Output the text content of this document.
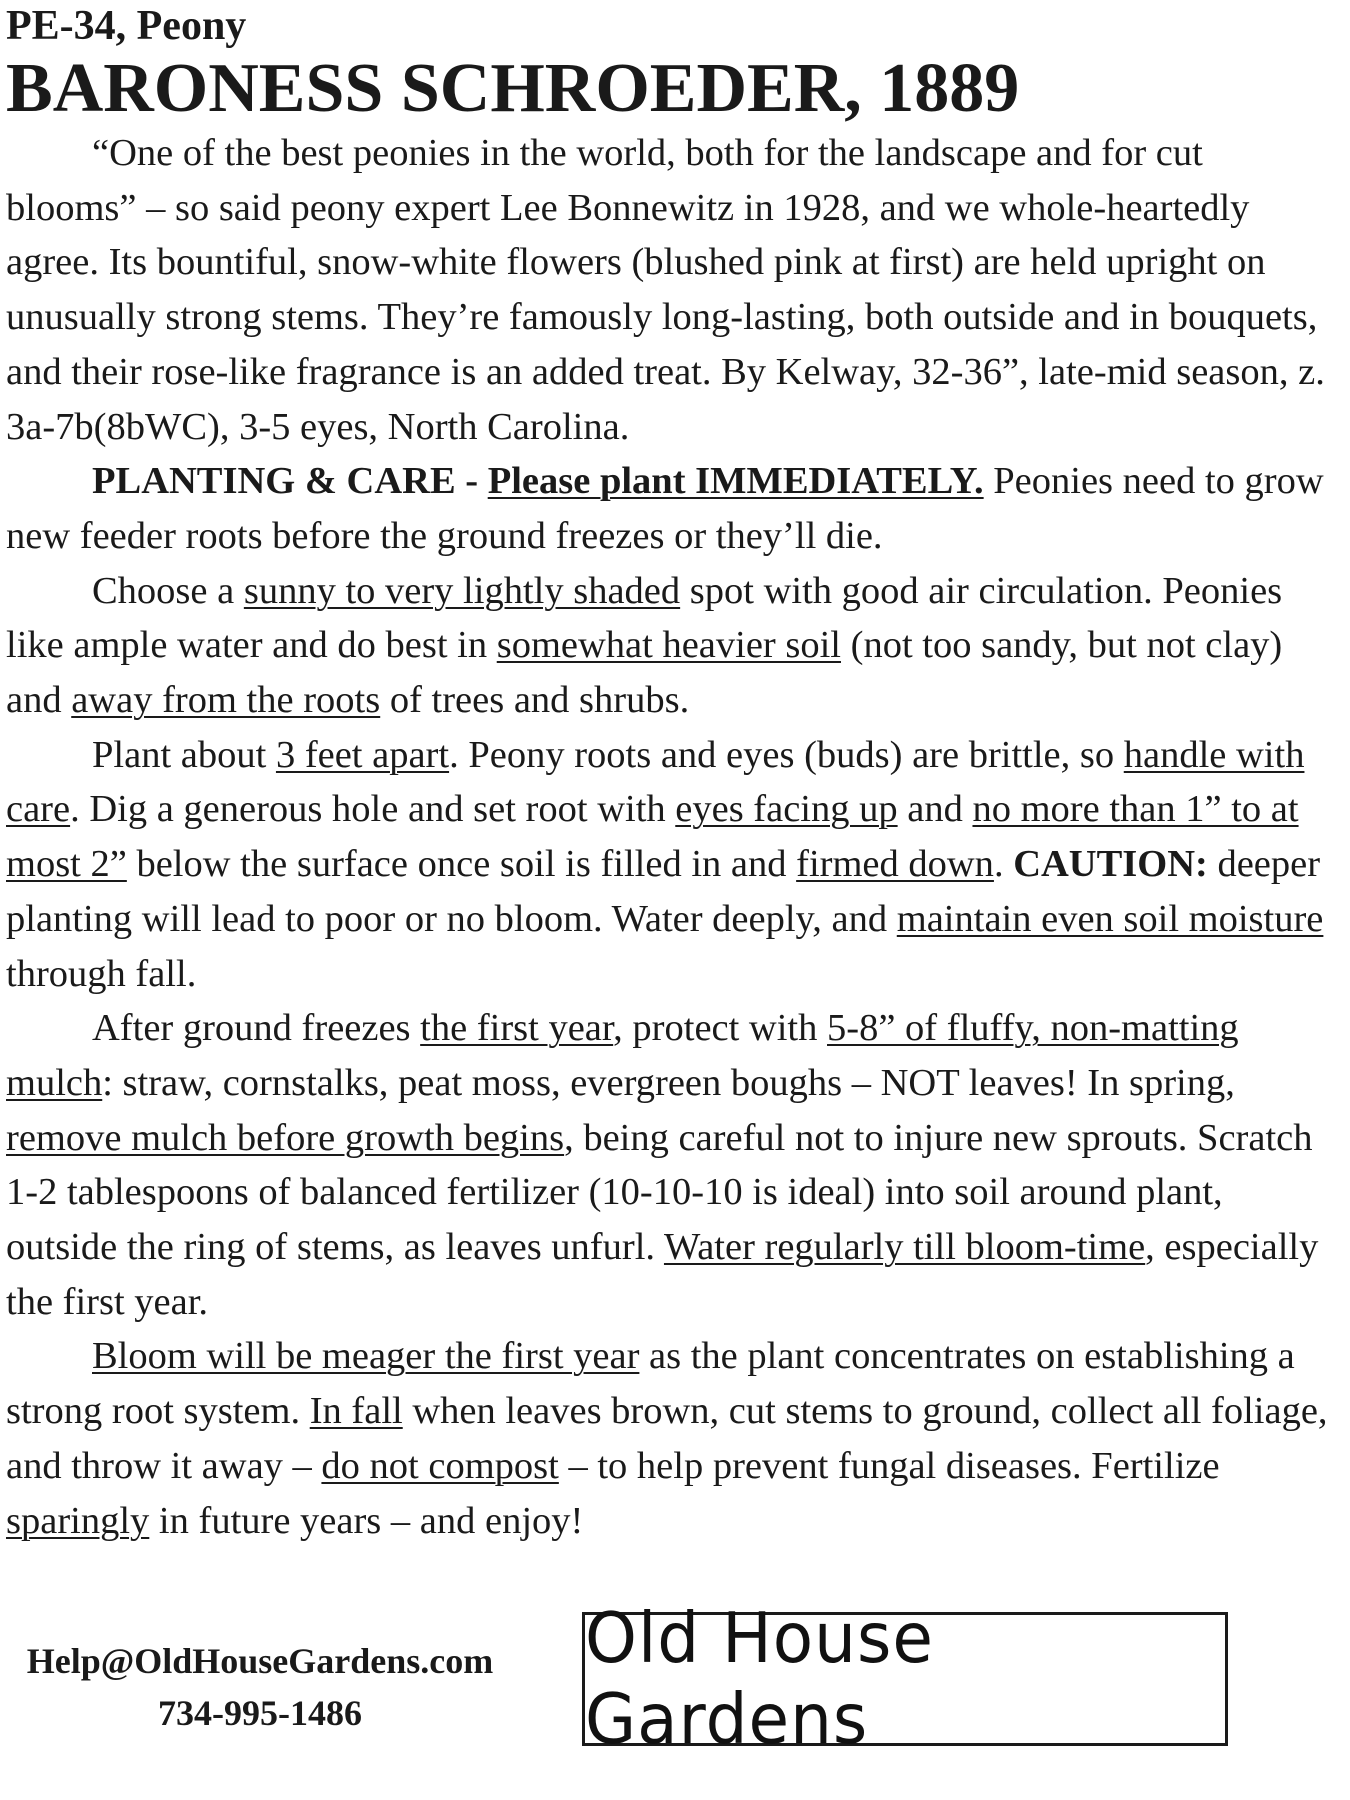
PE-34, Peony
BARONESS SCHROEDER, 1889

“One of the best peonies in the world, both for the landscape and for cut blooms” – so said peony expert Lee Bonnewitz in 1928, and we whole-heartedly agree. Its bountiful, snow-white flowers (blushed pink at first) are held upright on unusually strong stems. They’re famously long-lasting, both outside and in bouquets, and their rose-like fragrance is an added treat. By Kelway, 32-36”, late-mid season, z. 3a-7b(8bWC), 3-5 eyes, North Carolina.

PLANTING & CARE - Please plant IMMEDIATELY. Peonies need to grow new feeder roots before the ground freezes or they’ll die.

Choose a sunny to very lightly shaded spot with good air circulation. Peonies like ample water and do best in somewhat heavier soil (not too sandy, but not clay) and away from the roots of trees and shrubs.

Plant about 3 feet apart. Peony roots and eyes (buds) are brittle, so handle with care. Dig a generous hole and set root with eyes facing up and no more than 1” to at most 2” below the surface once soil is filled in and firmed down. CAUTION: deeper planting will lead to poor or no bloom. Water deeply, and maintain even soil moisture through fall.

After ground freezes the first year, protect with 5-8” of fluffy, non-matting mulch: straw, cornstalks, peat moss, evergreen boughs – NOT leaves! In spring, remove mulch before growth begins, being careful not to injure new sprouts. Scratch 1-2 tablespoons of balanced fertilizer (10-10-10 is ideal) into soil around plant, outside the ring of stems, as leaves unfurl. Water regularly till bloom-time, especially the first year.

Bloom will be meager the first year as the plant concentrates on establishing a strong root system. In fall when leaves brown, cut stems to ground, collect all foliage, and throw it away – do not compost – to help prevent fungal diseases. Fertilize sparingly in future years – and enjoy!

Help@OldHouseGardens.com
734-995-1486
Old House Gardens
